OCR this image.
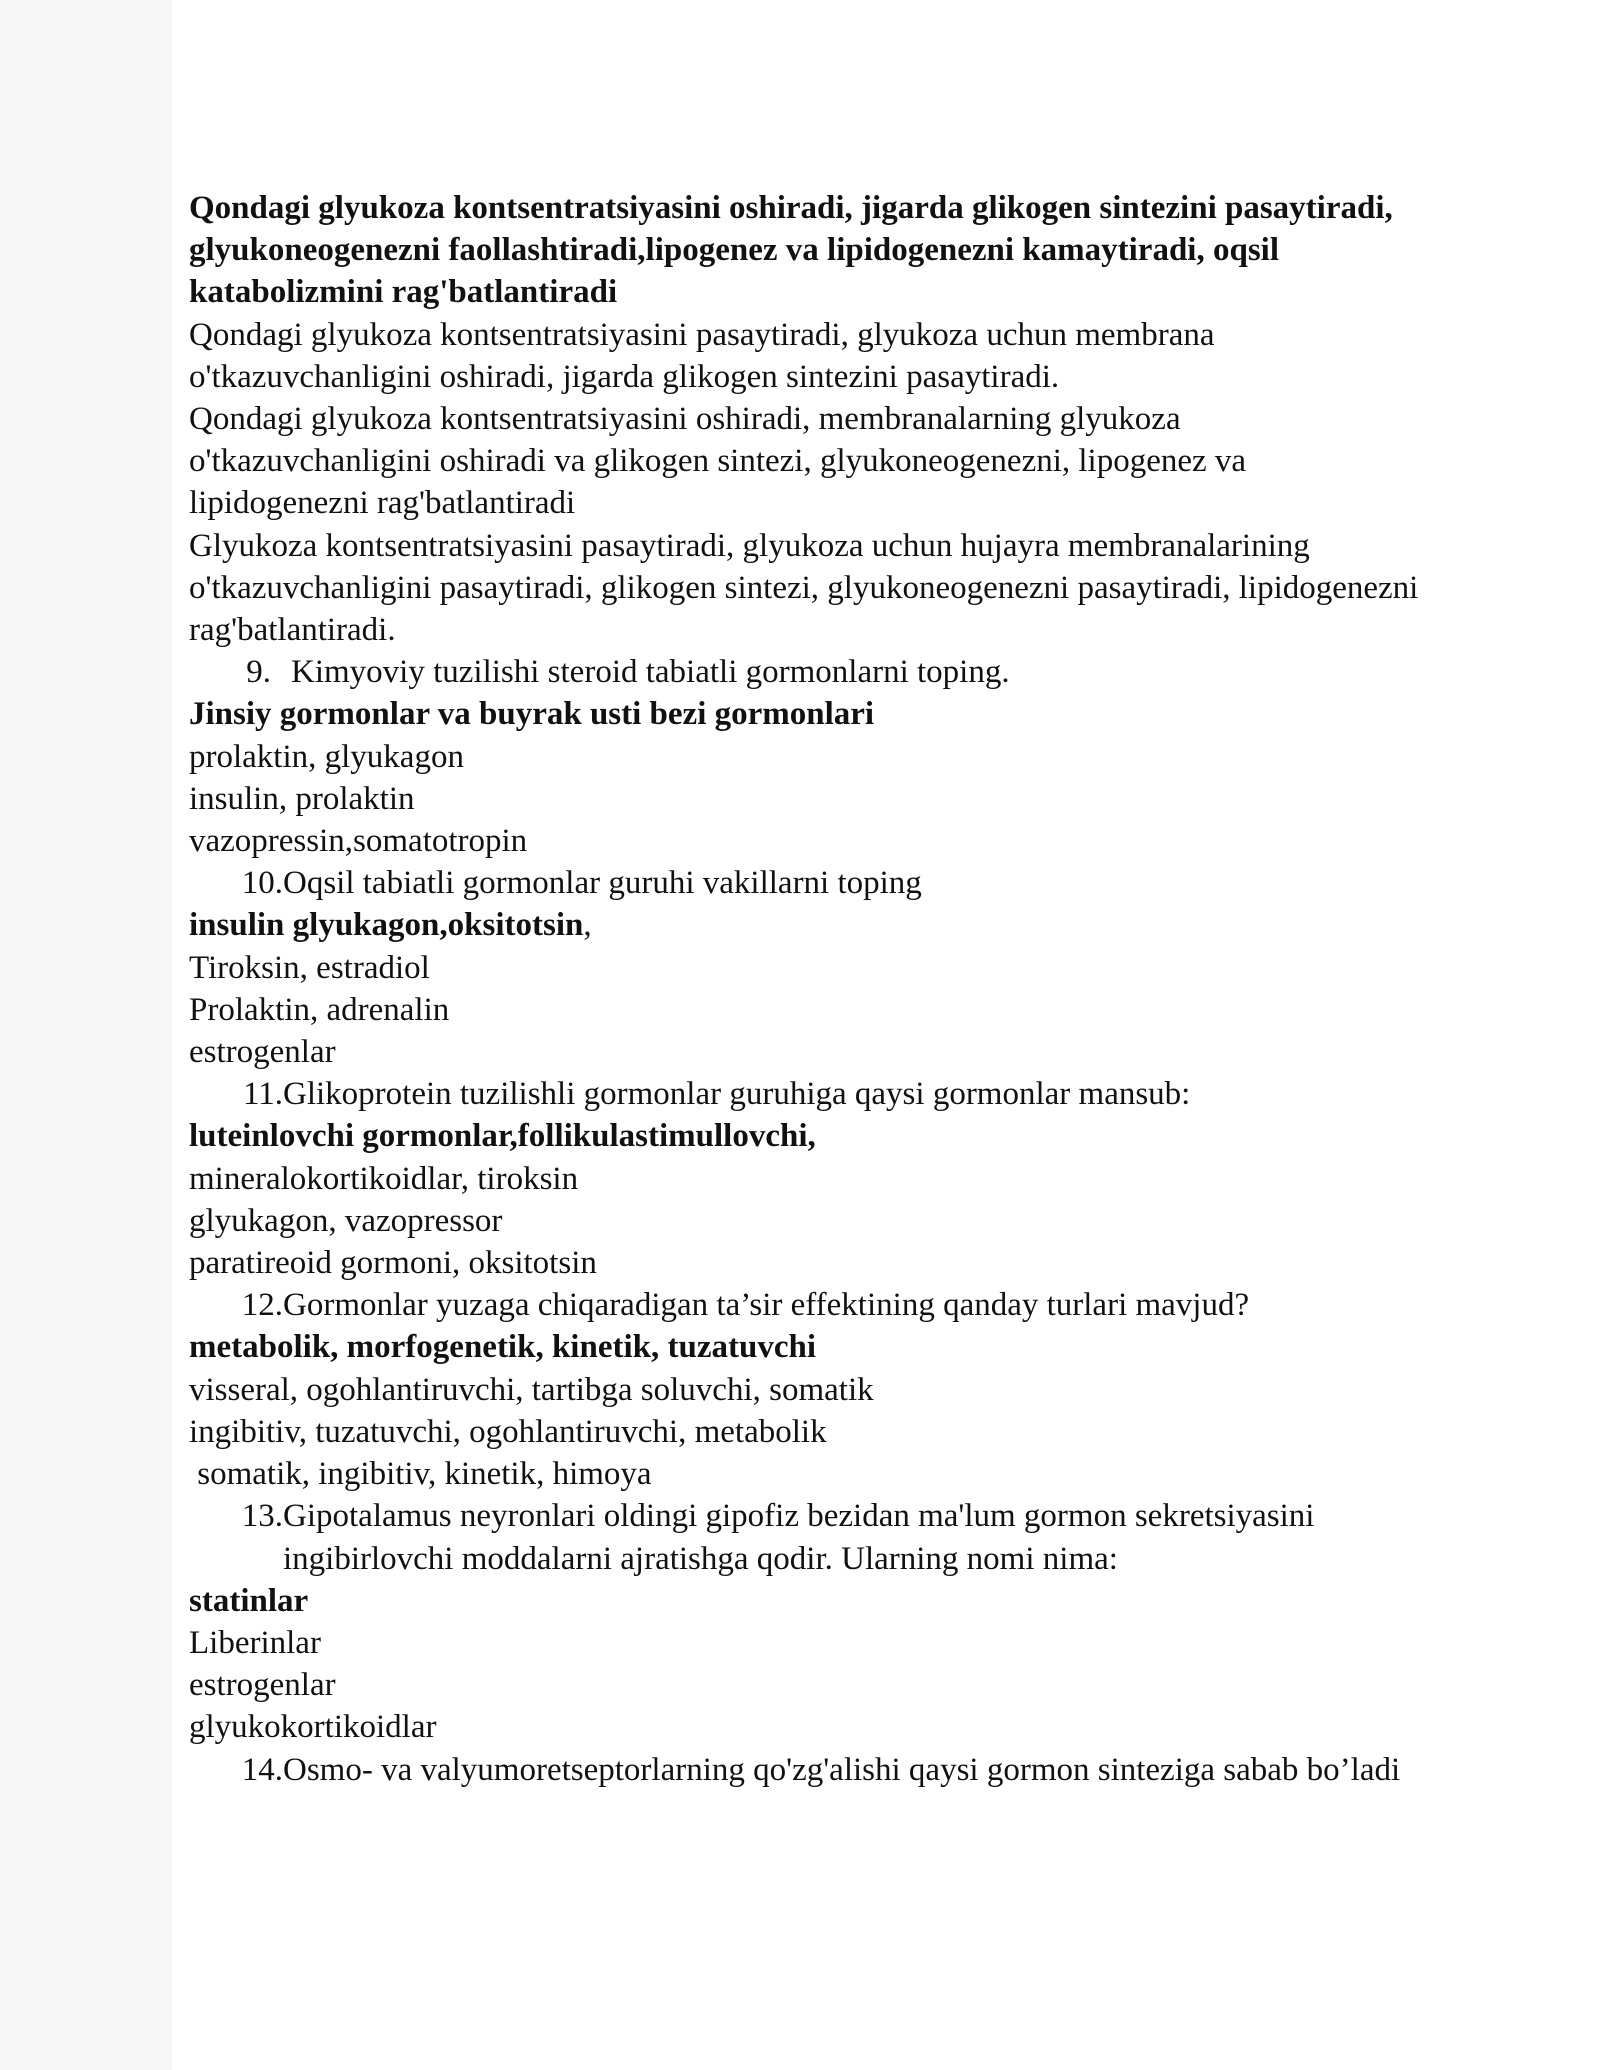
Qondagi glyukoza kontsentratsiyasini oshiradi, jigarda glikogen sintezini pasaytiradi, glyukoneogenezni faollashtiradi,lipogenez va lipidogenezni kamaytiradi, oqsil katabolizmini rag'batlantiradi

Qondagi glyukoza kontsentratsiyasini pasaytiradi, glyukoza uchun membrana o'tkazuvchanligini oshiradi, jigarda glikogen sintezini pasaytiradi.

Qondagi glyukoza kontsentratsiyasini oshiradi, membranalarning glyukoza o'tkazuvchanligini oshiradi va glikogen sintezi, glyukoneogenezni, lipogenez va lipidogenezni rag'batlantiradi

Glyukoza kontsentratsiyasini pasaytiradi, glyukoza uchun hujayra membranalarining o'tkazuvchanligini pasaytiradi, glikogen sintezi, glyukoneogenezni pasaytiradi, lipidogenezni rag'batlantiradi.

9. Kimyoviy tuzilishi steroid tabiatli gormonlarni toping.

Jinsiy gormonlar va buyrak usti bezi gormonlari

prolaktin, glyukagon

insulin, prolaktin

vazopressin,somatotropin

10. Oqsil tabiatli gormonlar guruhi vakillarni toping

insulin glyukagon,oksitotsin,

Tiroksin, estradiol

Prolaktin, adrenalin

estrogenlar

11. Glikoprotein tuzilishli gormonlar guruhiga qaysi gormonlar mansub:

luteinlovchi gormonlar,follikulastimullovchi,

mineralokortikoidlar, tiroksin

glyukagon, vazopressor

paratireoid gormoni, oksitotsin

12. Gormonlar yuzaga chiqaradigan ta’sir effektining qanday turlari mavjud?

metabolik, morfogenetik, kinetik, tuzatuvchi

visseral, ogohlantiruvchi, tartibga soluvchi, somatik

ingibitiv, tuzatuvchi, ogohlantiruvchi, metabolik

somatik, ingibitiv, kinetik, himoya

13. Gipotalamus neyronlari oldingi gipofiz bezidan ma'lum gormon sekretsiyasini ingibirlovchi moddalarni ajratishga qodir. Ularning nomi nima:

statinlar

Liberinlar

estrogenlar

glyukokortikoidlar

14. Osmo- va valyumoretseptorlarning qo'zg'alishi qaysi gormon sinteziga sabab bo’ladi
